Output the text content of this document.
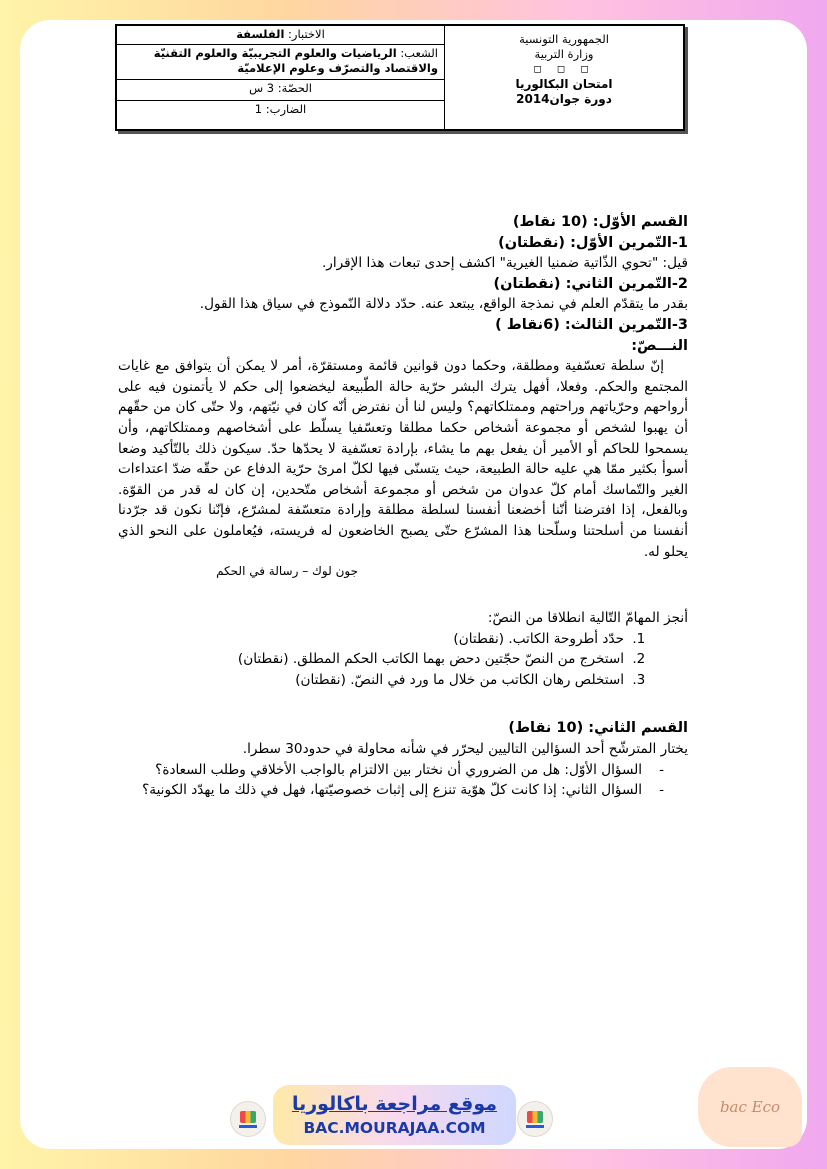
الجمهورية التونسية
وزارة التربية
◻ ◻ ◻
امتحان البكالوريا
دورة جوان2014
الاختبار: الفلسفة
الشعب: الرياضيات والعلوم التجريبيّة والعلوم التقنيّة والاقتصاد والتصرّف وعلوم الإعلاميّة
الحصّة: 3 س
الضارب: 1

القسم الأوّل: (10 نقاط)

1-التّمرين الأوّل: (نقطتان)

قيل: "تحوي الذّاتية ضمنيا الغيرية" اكشف إحدى تبعات هذا الإقرار.

2-التّمرين الثاني: (نقطتان)

بقدر ما يتقدّم العلم في نمذجة الواقع، يبتعد عنه. حدّد دلالة النّموذج في سياق هذا القول.

3-التّمرين الثالث: (6نقاط )

النـــصّ:

إنّ سلطة تعسّفية ومطلقة، وحكما دون قوانين قائمة ومستقرّة، أمر لا يمكن أن يتوافق مع غايات المجتمع والحكم. وفعلا، أفهل يترك البشر حرّية حالة الطّبيعة ليخضعوا إلى حكم لا يأتمنون فيه على أرواحهم وحرّياتهم وراحتهم وممتلكاتهم؟ وليس لنا أن نفترض أنّه كان في نيّتهم، ولا حتّى كان من حقّهم أن يهبوا لشخص أو مجموعة أشخاص حكما مطلقا وتعسّفيا يسلّط على أشخاصهم وممتلكاتهم، وأن يسمحوا للحاكم أو الأمير أن يفعل بهم ما يشاء، بإرادة تعسّفية لا يحدّها حدّ. سيكون ذلك بالتّأكيد وضعا أسوأ بكثير ممّا هي عليه حالة الطبيعة، حيث يتسنّى فيها لكلّ امرئ حرّية الدفاع عن حقّه ضدّ اعتداءات الغير والتّماسك أمام كلّ عدوان من شخص أو مجموعة أشخاص متّحدين، إن كان له قدر من القوّة. وبالفعل، إذا افترضنا أنّنا أخضعنا أنفسنا لسلطة مطلقة وإرادة متعسّفة لمشرّع، فإنّنا نكون قد جرّدنا أنفسنا من أسلحتنا وسلّحنا هذا المشرّع حتّى يصبح الخاضعون له فريسته، فيُعاملون على النحو الذي يحلو له.

جون لوك – رسالة في الحكم

أنجز المهامّ التّالية انطلاقا من النصّ:

1. حدّد أطروحة الكاتب. (نقطتان)
2. استخرج من النصّ حجّتين دحض بهما الكاتب الحكم المطلق. (نقطتان)
3. استخلص رهان الكاتب من خلال ما ورد في النصّ. (نقطتان)

القسم الثاني: (10 نقاط)

يختار المترشّح أحد السؤالين التاليين ليحرّر في شأنه محاولة في حدود30 سطرا.

- السؤال الأوّل: هل من الضروري أن نختار بين الالتزام بالواجب الأخلاقي وطلب السعادة؟
- السؤال الثاني: إذا كانت كلّ هوّية تنزع إلى إثبات خصوصيّتها، فهل في ذلك ما يهدّد الكونية؟
موقع مراجعة باكالوريا
BAC.MOURAJAA.COM
bac Eco
